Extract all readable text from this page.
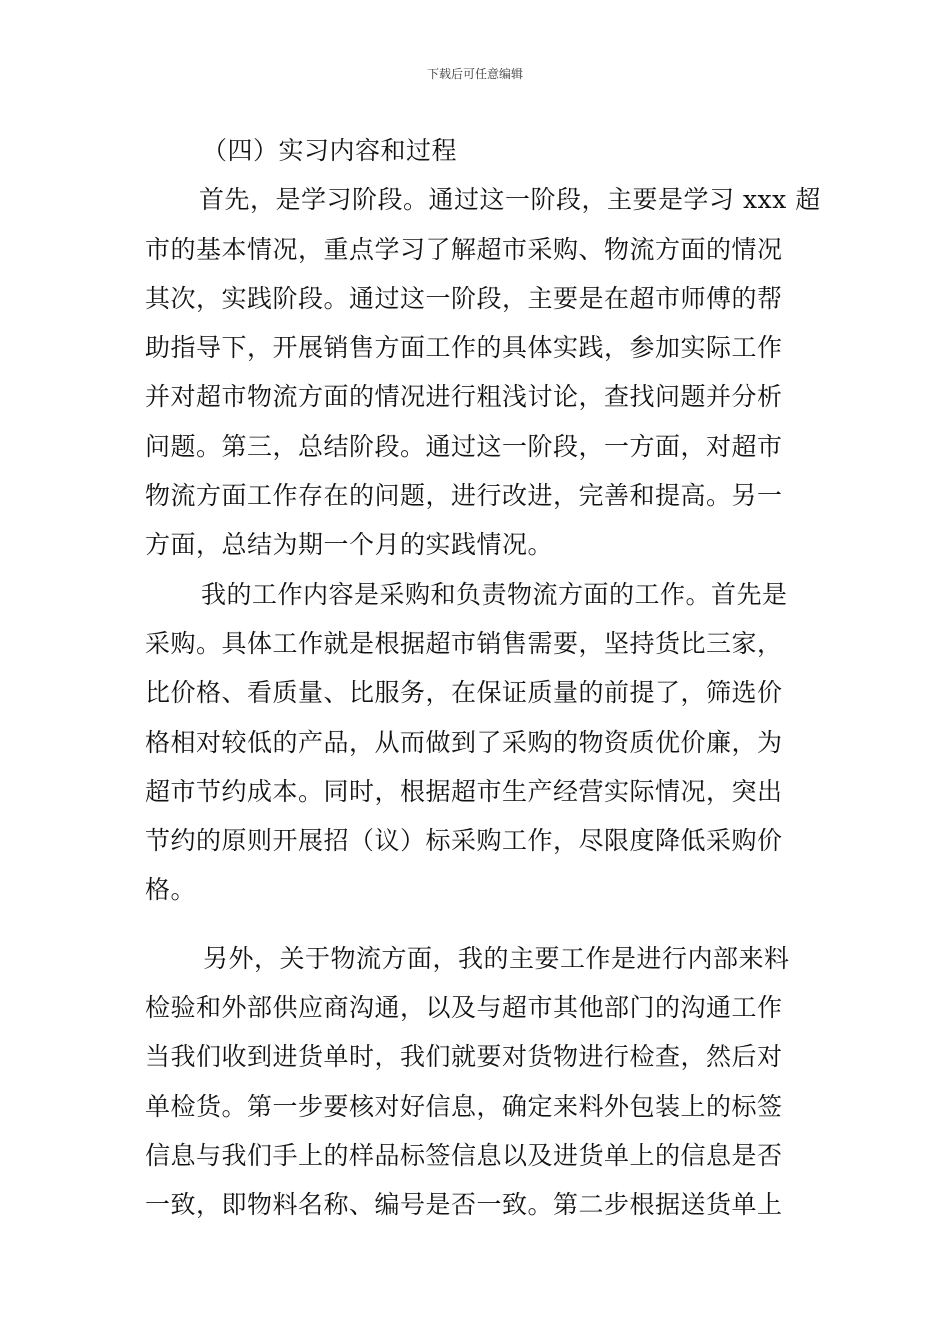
下载后可任意编辑
（四）实习内容和过程
首先，是学习阶段。通过这一阶段，主要是学习 xxx 超
市的基本情况，重点学习了解超市采购、物流方面的情况
其次，实践阶段。通过这一阶段，主要是在超市师傅的帮
助指导下，开展销售方面工作的具体实践，参加实际工作
并对超市物流方面的情况进行粗浅讨论，查找问题并分析
问题。第三，总结阶段。通过这一阶段，一方面，对超市
物流方面工作存在的问题，进行改进，完善和提高。另一
方面，总结为期一个月的实践情况。
我的工作内容是采购和负责物流方面的工作。首先是
采购。具体工作就是根据超市销售需要，坚持货比三家，
比价格、看质量、比服务，在保证质量的前提了，筛选价
格相对较低的产品，从而做到了采购的物资质优价廉，为
超市节约成本。同时，根据超市生产经营实际情况，突出
节约的原则开展招（议）标采购工作，尽限度降低采购价
格。
另外，关于物流方面，我的主要工作是进行内部来料
检验和外部供应商沟通，以及与超市其他部门的沟通工作
当我们收到进货单时，我们就要对货物进行检查，然后对
单检货。第一步要核对好信息，确定来料外包装上的标签
信息与我们手上的样品标签信息以及进货单上的信息是否
一致，即物料名称、编号是否一致。第二步根据送货单上
